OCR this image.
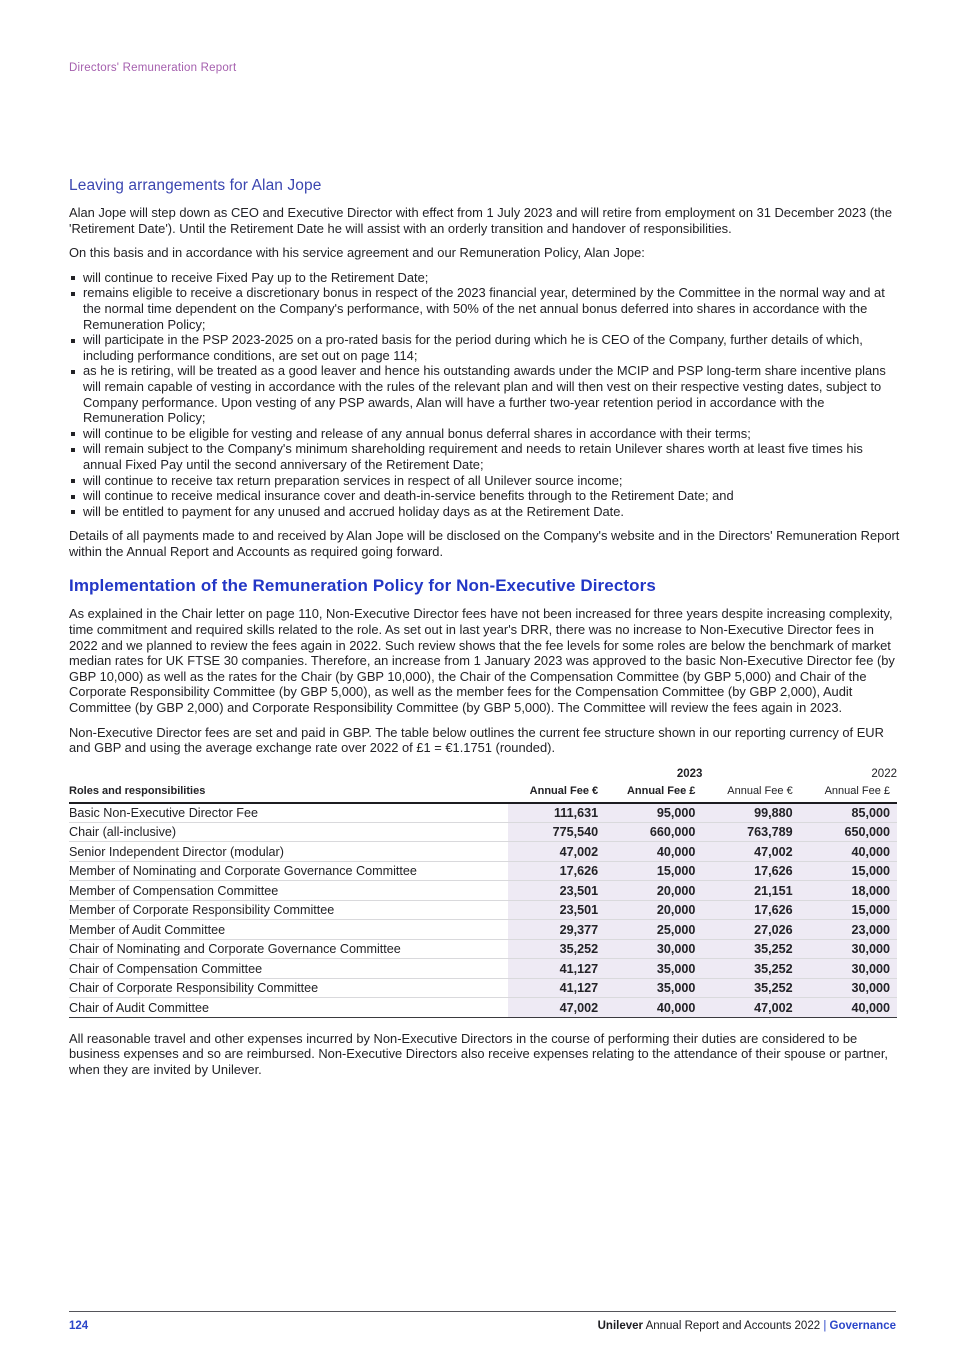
Directors' Remuneration Report
Leaving arrangements for Alan Jope

Alan Jope will step down as CEO and Executive Director with effect from 1 July 2023 and will retire from employment on 31 December 2023 (the 'Retirement Date'). Until the Retirement Date he will assist with an orderly transition and handover of responsibilities.

On this basis and in accordance with his service agreement and our Remuneration Policy, Alan Jope:

will continue to receive Fixed Pay up to the Retirement Date;
remains eligible to receive a discretionary bonus in respect of the 2023 financial year, determined by the Committee in the normal way and at the normal time dependent on the Company's performance, with 50% of the net annual bonus deferred into shares in accordance with the Remuneration Policy;
will participate in the PSP 2023-2025 on a pro-rated basis for the period during which he is CEO of the Company, further details of which, including performance conditions, are set out on page 114;
as he is retiring, will be treated as a good leaver and hence his outstanding awards under the MCIP and PSP long-term share incentive plans will remain capable of vesting in accordance with the rules of the relevant plan and will then vest on their respective vesting dates, subject to Company performance. Upon vesting of any PSP awards, Alan will have a further two-year retention period in accordance with the Remuneration Policy;
will continue to be eligible for vesting and release of any annual bonus deferral shares in accordance with their terms;
will remain subject to the Company's minimum shareholding requirement and needs to retain Unilever shares worth at least five times his annual Fixed Pay until the second anniversary of the Retirement Date;
will continue to receive tax return preparation services in respect of all Unilever source income;
will continue to receive medical insurance cover and death-in-service benefits through to the Retirement Date; and
will be entitled to payment for any unused and accrued holiday days as at the Retirement Date.

Details of all payments made to and received by Alan Jope will be disclosed on the Company's website and in the Directors' Remuneration Report within the Annual Report and Accounts as required going forward.

Implementation of the Remuneration Policy for Non-Executive Directors

As explained in the Chair letter on page 110, Non-Executive Director fees have not been increased for three years despite increasing complexity, time commitment and required skills related to the role. As set out in last year's DRR, there was no increase to Non-Executive Director fees in 2022 and we planned to review the fees again in 2022. Such review shows that the fee levels for some roles are below the benchmark of market median rates for UK FTSE 30 companies. Therefore, an increase from 1 January 2023 was approved to the basic Non-Executive Director fee (by GBP 10,000) as well as the rates for the Chair (by GBP 10,000), the Chair of the Compensation Committee (by GBP 5,000) and Chair of the Corporate Responsibility Committee (by GBP 5,000), as well as the member fees for the Compensation Committee (by GBP 2,000), Audit Committee (by GBP 2,000) and Corporate Responsibility Committee (by GBP 5,000). The Committee will review the fees again in 2023.

Non-Executive Director fees are set and paid in GBP. The table below outlines the current fee structure shown in our reporting currency of EUR and GBP and using the average exchange rate over 2022 of £1 = €1.1751 (rounded).

		2023		2022
Roles and responsibilities	Annual Fee €	Annual Fee £	Annual Fee €	Annual Fee £
Basic Non-Executive Director Fee	111,631	95,000	99,880	85,000
Chair (all-inclusive)	775,540	660,000	763,789	650,000
Senior Independent Director (modular)	47,002	40,000	47,002	40,000
Member of Nominating and Corporate Governance Committee	17,626	15,000	17,626	15,000
Member of Compensation Committee	23,501	20,000	21,151	18,000
Member of Corporate Responsibility Committee	23,501	20,000	17,626	15,000
Member of Audit Committee	29,377	25,000	27,026	23,000
Chair of Nominating and Corporate Governance Committee	35,252	30,000	35,252	30,000
Chair of Compensation Committee	41,127	35,000	35,252	30,000
Chair of Corporate Responsibility Committee	41,127	35,000	35,252	30,000
Chair of Audit Committee	47,002	40,000	47,002	40,000

All reasonable travel and other expenses incurred by Non-Executive Directors in the course of performing their duties are considered to be business expenses and so are reimbursed. Non-Executive Directors also receive expenses relating to the attendance of their spouse or partner, when they are invited by Unilever.

124	Unilever Annual Report and Accounts 2022 | Governance
